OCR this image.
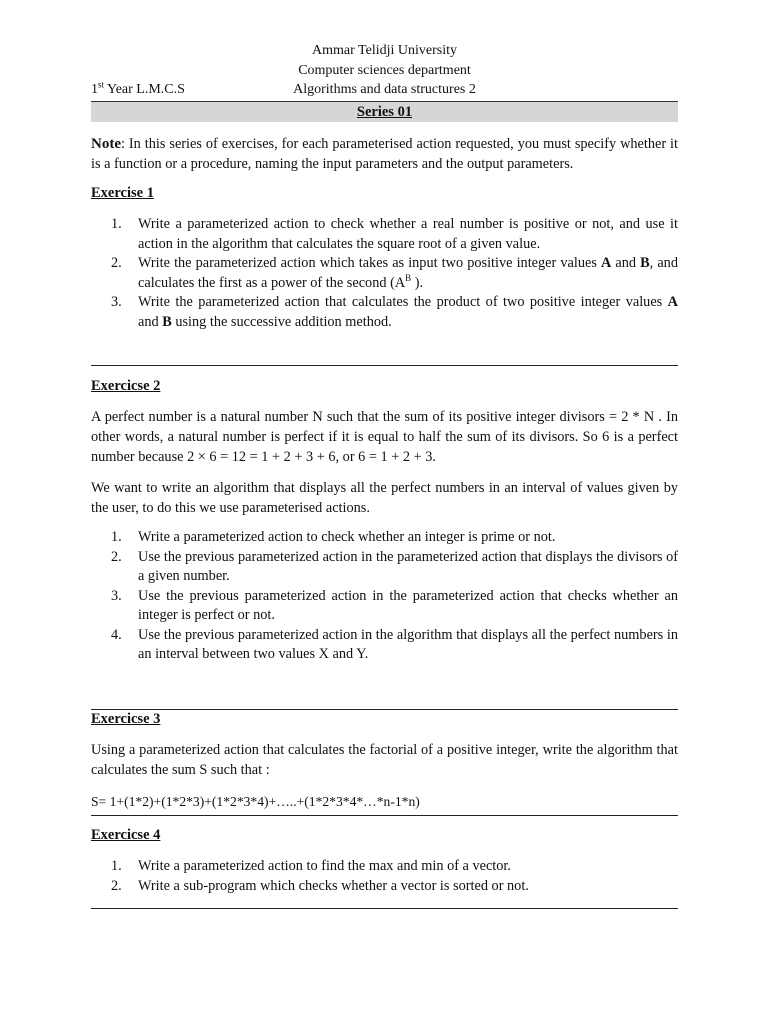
Ammar Telidji University
Computer sciences department
1st Year L.M.C.S	Algorithms and data structures 2
Series 01
Note: In this series of exercises, for each parameterised action requested, you must specify whether it is a function or a procedure, naming the input parameters and the output parameters.
Exercise 1
1. Write a parameterized action to check whether a real number is positive or not, and use it action in the algorithm that calculates the square root of a given value.
2. Write the parameterized action which takes as input two positive integer values A and B, and calculates the first as a power of the second ($A^B$ ).
3. Write the parameterized action that calculates the product of two positive integer values A and B using the successive addition method.
Exercicse 2
A perfect number is a natural number N such that the sum of its positive integer divisors = 2 * N . In other words, a natural number is perfect if it is equal to half the sum of its divisors. So 6 is a perfect number because 2 × 6 = 12 = 1 + 2 + 3 + 6, or 6 = 1 + 2 + 3.
We want to write an algorithm that displays all the perfect numbers in an interval of values given by the user, to do this we use parameterised actions.
1. Write a parameterized action to check whether an integer is prime or not.
2. Use the previous parameterized action in the parameterized action that displays the divisors of a given number.
3. Use the previous parameterized action in the parameterized action that checks whether an integer is perfect or not.
4. Use the previous parameterized action in the algorithm that displays all the perfect numbers in an interval between two values X and Y.
Exercicse 3
Using a parameterized action that calculates the factorial of a positive integer, write the algorithm that calculates the sum S such that :
S= 1+(1*2)+(1*2*3)+(1*2*3*4)+…..+(1*2*3*4*…*n-1*n)
Exercicse 4
1. Write a parameterized action to find the max and min of a vector.
2. Write a sub-program which checks whether a vector is sorted or not.
